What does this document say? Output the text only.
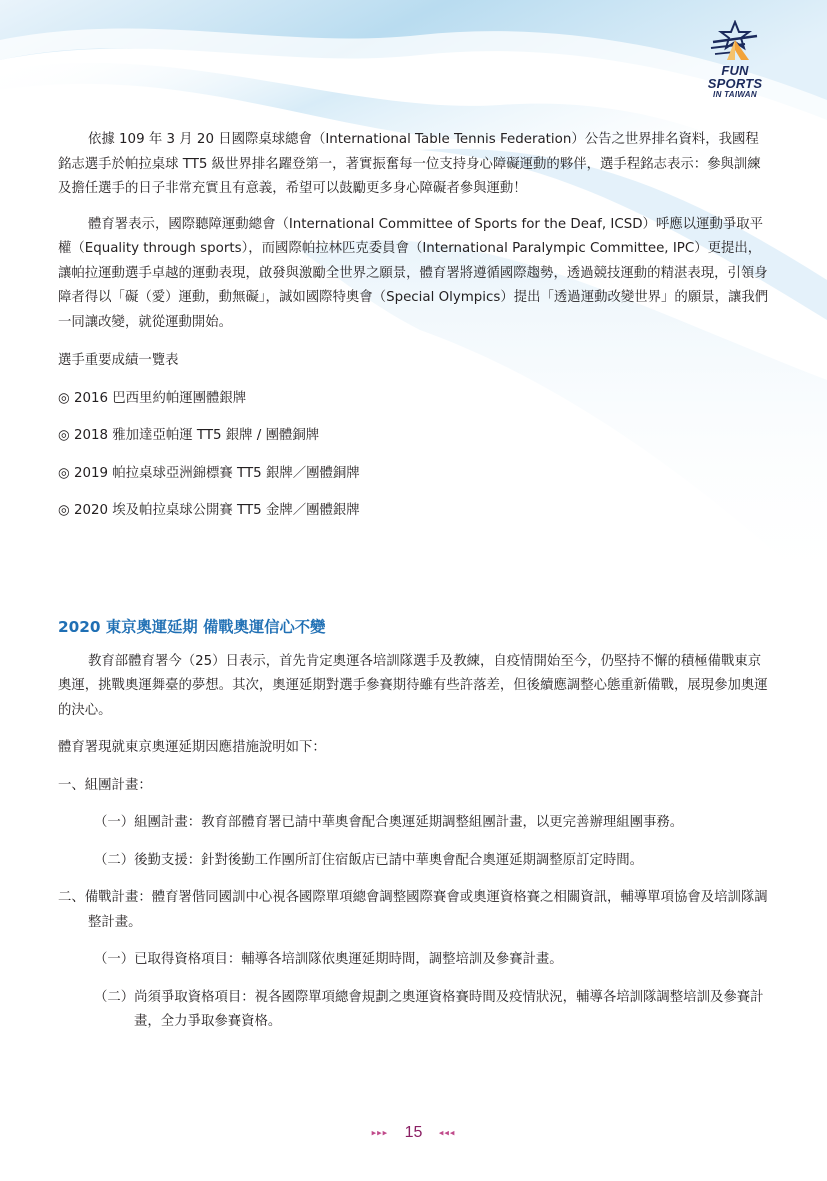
FUN SPORTS
IN TAIWAN

依據 109 年 3 月 20 日國際桌球總會（International Table Tennis Federation）公告之世界排名資料，我國程銘志選手於帕拉桌球 TT5 級世界排名躍登第一，著實振奮每一位支持身心障礙運動的夥伴，選手程銘志表示：參與訓練及擔任選手的日子非常充實且有意義，希望可以鼓勵更多身心障礙者參與運動！

體育署表示，國際聽障運動總會（International Committee of Sports for the Deaf, ICSD）呼應以運動爭取平權（Equality through sports），而國際帕拉林匹克委員會（International Paralympic Committee, IPC）更提出，讓帕拉運動選手卓越的運動表現，啟發與激勵全世界之願景，體育署將遵循國際趨勢，透過競技運動的精湛表現，引領身障者得以「礙（愛）運動，動無礙」，誠如國際特奧會（Special Olympics）提出「透過運動改變世界」的願景，讓我們一同讓改變，就從運動開始。

選手重要成績一覽表

◎ 2016 巴西里約帕運團體銀牌

◎ 2018 雅加達亞帕運 TT5 銀牌 / 團體銅牌

◎ 2019 帕拉桌球亞洲錦標賽 TT5 銀牌／團體銅牌

◎ 2020 埃及帕拉桌球公開賽 TT5 金牌／團體銀牌

2020 東京奧運延期 備戰奧運信心不變

教育部體育署今（25）日表示，首先肯定奧運各培訓隊選手及教練，自疫情開始至今，仍堅持不懈的積極備戰東京奧運，挑戰奧運舞臺的夢想。其次，奧運延期對選手參賽期待雖有些許落差，但後續應調整心態重新備戰，展現參加奧運的決心。

體育署現就東京奧運延期因應措施說明如下：

一、組團計畫：

（一）組團計畫：教育部體育署已請中華奧會配合奧運延期調整組團計畫，以更完善辦理組團事務。

（二）後勤支援：針對後勤工作團所訂住宿飯店已請中華奧會配合奧運延期調整原訂定時間。

二、備戰計畫：體育署偕同國訓中心視各國際單項總會調整國際賽會或奧運資格賽之相關資訊，輔導單項協會及培訓隊調整計畫。

（一）已取得資格項目：輔導各培訓隊依奧運延期時間，調整培訓及參賽計畫。

（二）尚須爭取資格項目：視各國際單項總會規劃之奧運資格賽時間及疫情狀況，輔導各培訓隊調整培訓及參賽計畫，全力爭取參賽資格。

▸▸▸ 15 ◂◂◂
